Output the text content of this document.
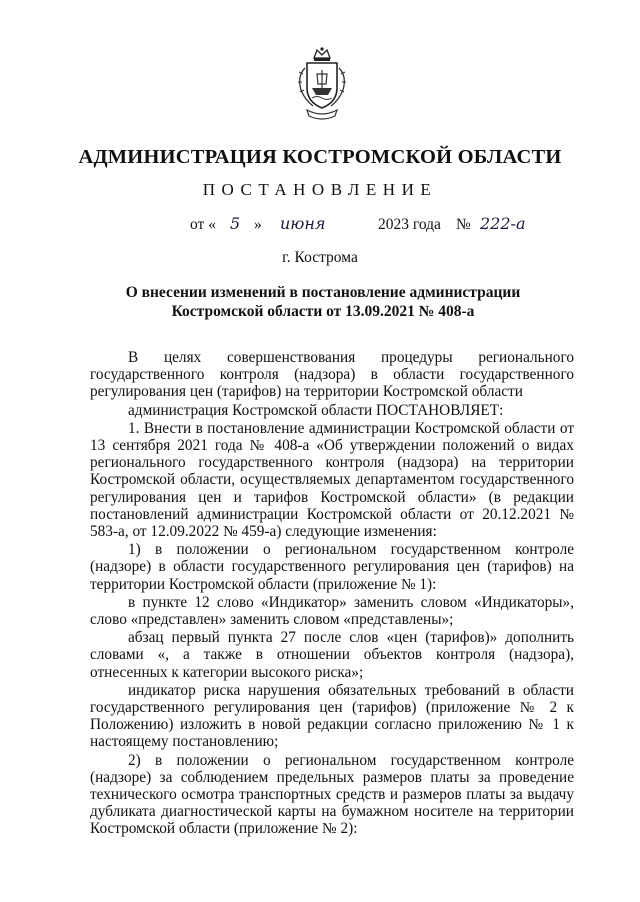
АДМИНИСТРАЦИЯ КОСТРОМСКОЙ ОБЛАСТИ
ПОСТАНОВЛЕНИЕ
от « 5 » июня	2023 года № 222-а
г. Кострома
О внесении изменений в постановление администрации Костромской области от 13.09.2021 № 408-а

В целях совершенствования процедуры регионального государственного контроля (надзора) в области государственного регулирования цен (тарифов) на территории Костромской области

администрация Костромской области ПОСТАНОВЛЯЕТ:

1. Внести в постановление администрации Костромской области от 13 сентября 2021 года № 408-а «Об утверждении положений о видах регионального государственного контроля (надзора) на территории Костромской области, осуществляемых департаментом государственного регулирования цен и тарифов Костромской области» (в редакции постановлений администрации Костромской области от 20.12.2021 № 583-а, от 12.09.2022 № 459-а) следующие изменения:

1) в положении о региональном государственном контроле (надзоре) в области государственного регулирования цен (тарифов) на территории Костромской области (приложение № 1):

в пункте 12 слово «Индикатор» заменить словом «Индикаторы», слово «представлен» заменить словом «представлены»;

абзац первый пункта 27 после слов «цен (тарифов)» дополнить словами «, а также в отношении объектов контроля (надзора), отнесенных к категории высокого риска»;

индикатор риска нарушения обязательных требований в области государственного регулирования цен (тарифов) (приложение № 2 к Положению) изложить в новой редакции согласно приложению № 1 к настоящему постановлению;

2) в положении о региональном государственном контроле (надзоре) за соблюдением предельных размеров платы за проведение технического осмотра транспортных средств и размеров платы за выдачу дубликата диагностической карты на бумажном носителе на территории Костромской области (приложение № 2):
